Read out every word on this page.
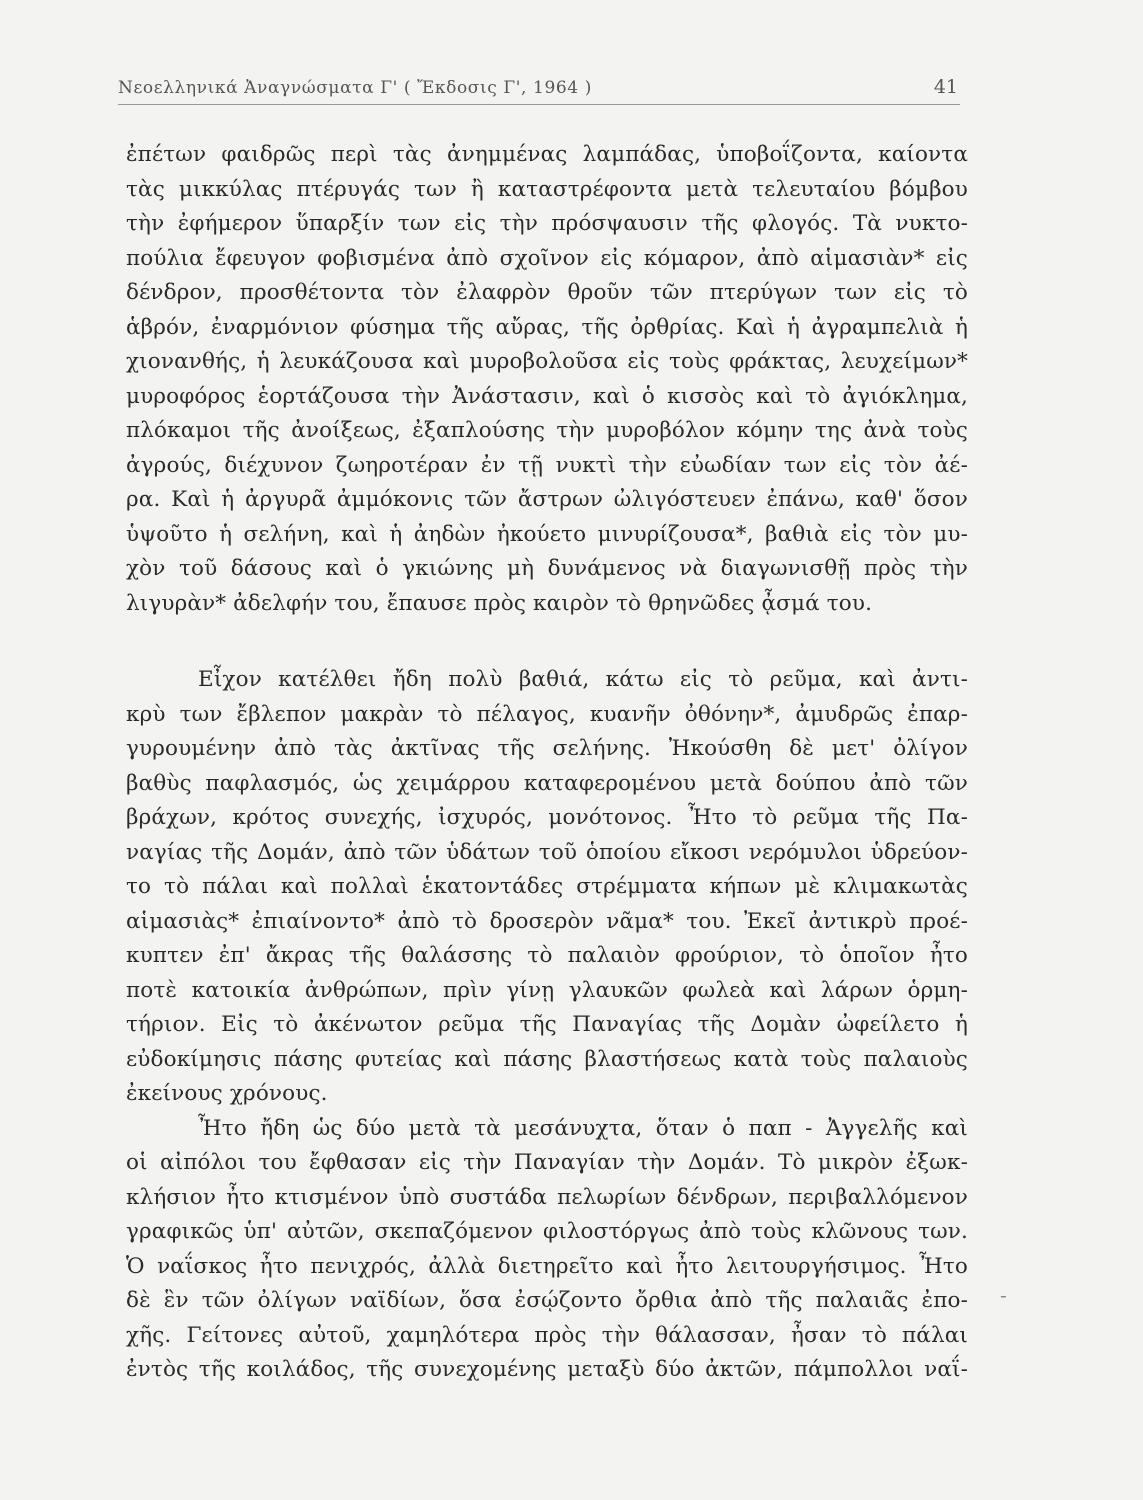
Νεοελληνικά Ἀναγνώσματα Γ' ( Ἔκδοσις Γ', 1964 )	41
ἐπέτων φαιδρῶς περὶ τὰς ἀνημμένας λαμπάδας, ὑποβοΐζοντα, καίοντα
τὰς μικκύλας πτέρυγάς των ἢ καταστρέφοντα μετὰ τελευταίου βόμβου
τὴν ἐφήμερον ὕπαρξίν των εἰς τὴν πρόσψαυσιν τῆς φλογός. Τὰ νυκτο-
πούλια ἔφευγον φοβισμένα ἀπὸ σχοῖνον εἰς κόμαρον, ἀπὸ αἱμασιὰν* εἰς
δένδρον, προσθέτοντα τὸν ἐλαφρὸν θροῦν τῶν πτερύγων των εἰς τὸ
ἁβρόν, ἐναρμόνιον φύσημα τῆς αὔρας, τῆς ὀρθρίας. Καὶ ἡ ἀγραμπελιὰ ἡ
χιονανθής, ἡ λευκάζουσα καὶ μυροβολοῦσα εἰς τοὺς φράκτας, λευχείμων*
μυροφόρος ἑορτάζουσα τὴν Ἀνάστασιν, καὶ ὁ κισσὸς καὶ τὸ ἀγιόκλημα,
πλόκαμοι τῆς ἀνοίξεως, ἐξαπλούσης τὴν μυροβόλον κόμην της ἀνὰ τοὺς
ἀγρούς, διέχυνον ζωηροτέραν ἐν τῇ νυκτὶ τὴν εὐωδίαν των εἰς τὸν ἀέ-
ρα. Καὶ ἡ ἀργυρᾶ ἀμμόκονις τῶν ἄστρων ὠλιγόστευεν ἐπάνω, καθ' ὅσον
ὑψοῦτο ἡ σελήνη, καὶ ἡ ἀηδὼν ἠκούετο μινυρίζουσα*, βαθιὰ εἰς τὸν μυ-
χὸν τοῦ δάσους καὶ ὁ γκιώνης μὴ δυνάμενος νὰ διαγωνισθῇ πρὸς τὴν
λιγυρὰν* ἀδελφήν του, ἔπαυσε πρὸς καιρὸν τὸ θρηνῶδες ᾆσμά του.
Εἶχον κατέλθει ἤδη πολὺ βαθιά, κάτω εἰς τὸ ρεῦμα, καὶ ἀντι-
κρὺ των ἔβλεπον μακρὰν τὸ πέλαγος, κυανῆν ὀθόνην*, ἀμυδρῶς ἐπαρ-
γυρουμένην ἀπὸ τὰς ἀκτῖνας τῆς σελήνης. Ἠκούσθη δὲ μετ' ὀλίγον
βαθὺς παφλασμός, ὡς χειμάρρου καταφερομένου μετὰ δούπου ἀπὸ τῶν
βράχων, κρότος συνεχής, ἰσχυρός, μονότονος. Ἦτο τὸ ρεῦμα τῆς Πα-
ναγίας τῆς Δομάν, ἀπὸ τῶν ὑδάτων τοῦ ὁποίου εἴκοσι νερόμυλοι ὑδρεύον-
το τὸ πάλαι καὶ πολλαὶ ἑκατοντάδες στρέμματα κήπων μὲ κλιμακωτὰς
αἱμασιὰς* ἐπιαίνοντο* ἀπὸ τὸ δροσερὸν νᾶμα* του. Ἐκεῖ ἀντικρὺ προέ-
κυπτεν ἐπ' ἄκρας τῆς θαλάσσης τὸ παλαιὸν φρούριον, τὸ ὁποῖον ἦτο
ποτὲ κατοικία ἀνθρώπων, πρὶν γίνῃ γλαυκῶν φωλεὰ καὶ λάρων ὁρμη-
τήριον. Εἰς τὸ ἀκένωτον ρεῦμα τῆς Παναγίας τῆς Δομὰν ὠφείλετο ἡ
εὐδοκίμησις πάσης φυτείας καὶ πάσης βλαστήσεως κατὰ τοὺς παλαιοὺς
ἐκείνους χρόνους.
Ἦτο ἤδη ὡς δύο μετὰ τὰ μεσάνυχτα, ὅταν ὁ παπ - Ἀγγελῆς καὶ
οἱ αἰπόλοι του ἔφθασαν εἰς τὴν Παναγίαν τὴν Δομάν. Τὸ μικρὸν ἐξωκ-
κλήσιον ἦτο κτισμένον ὑπὸ συστάδα πελωρίων δένδρων, περιβαλλόμενον
γραφικῶς ὑπ' αὐτῶν, σκεπαζόμενον φιλοστόργως ἀπὸ τοὺς κλῶνους των.
Ὁ ναΐσκος ἦτο πενιχρός, ἀλλὰ διετηρεῖτο καὶ ἦτο λειτουργήσιμος. Ἦτο
δὲ ἓν τῶν ὀλίγων ναϊδίων, ὅσα ἐσῴζοντο ὄρθια ἀπὸ τῆς παλαιᾶς ἐπο-
χῆς. Γείτονες αὐτοῦ, χαμηλότερα πρὸς τὴν θάλασσαν, ἦσαν τὸ πάλαι
ἐντὸς τῆς κοιλάδος, τῆς συνεχομένης μεταξὺ δύο ἀκτῶν, πάμπολλοι ναΐ-
-
